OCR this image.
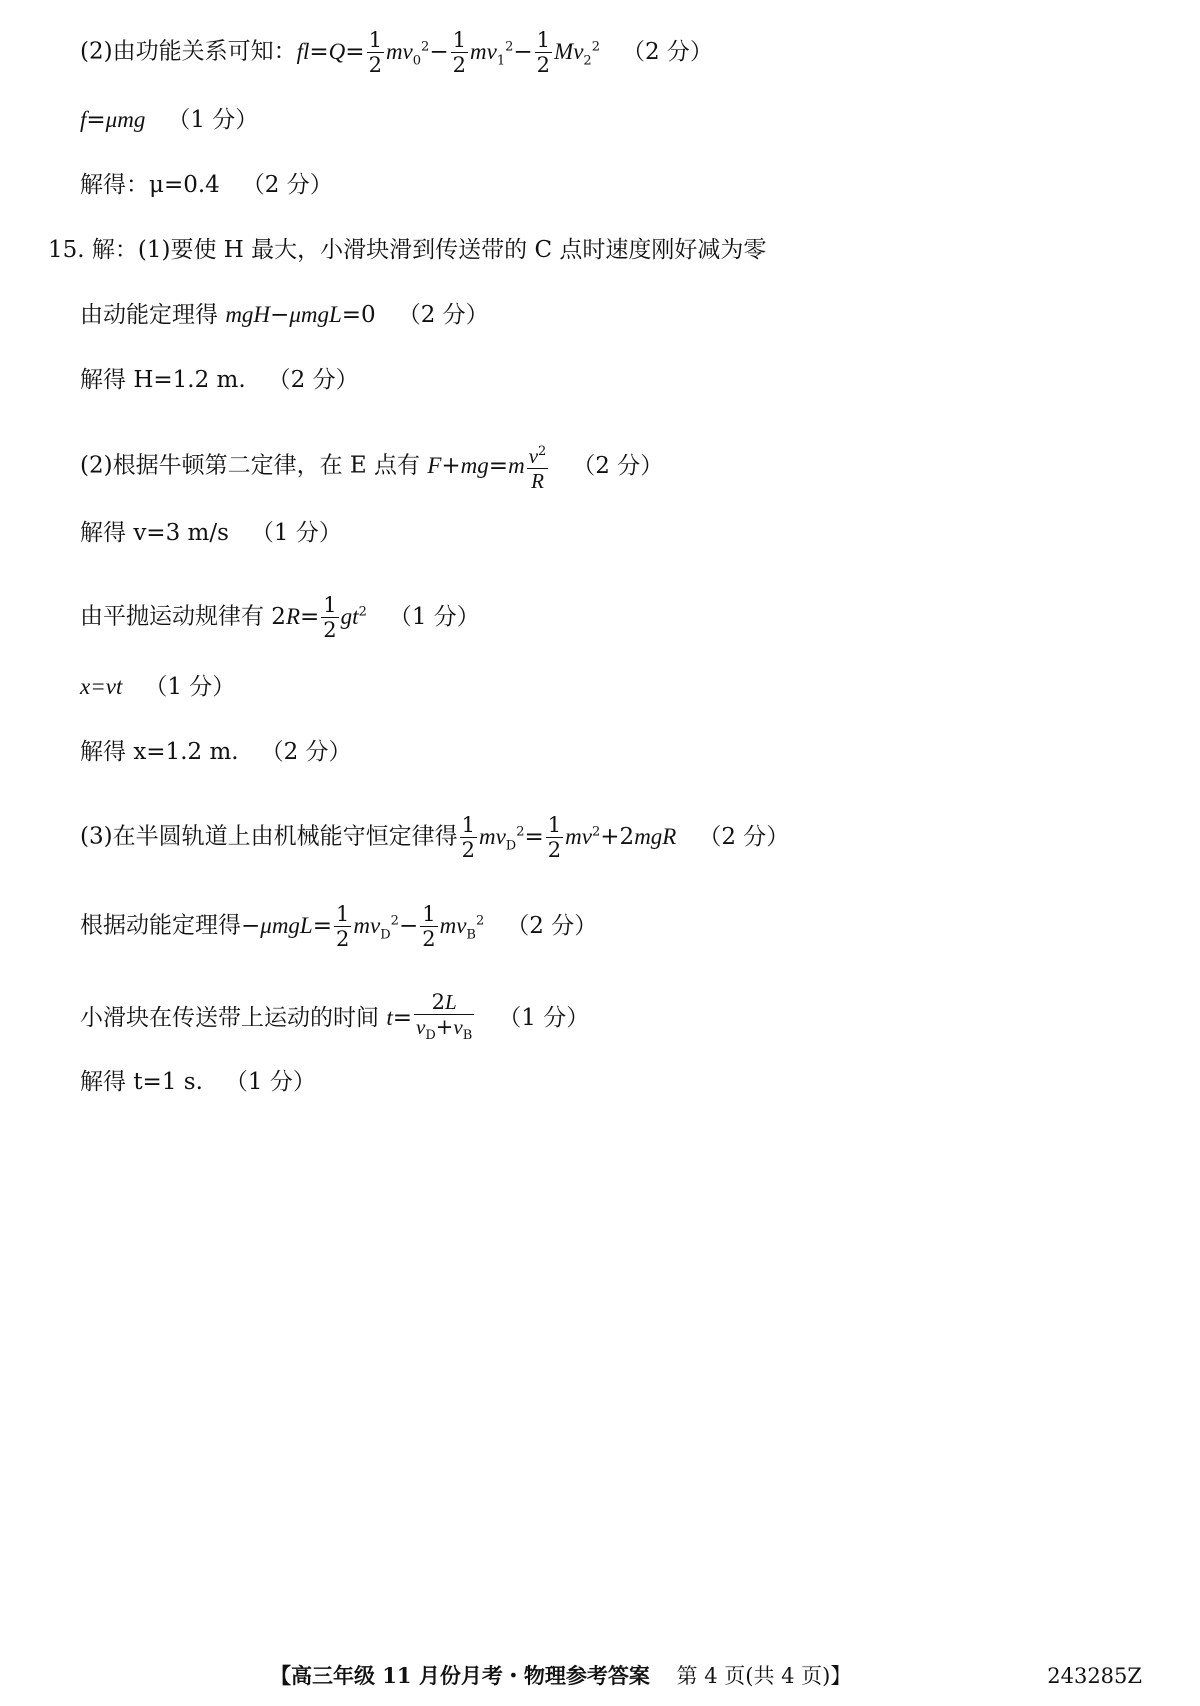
(2)由功能关系可知：$fl=Q= \frac{1}{2} mv_0^2- \frac{1}{2} mv_1^2- \frac{1}{2} Mv_2^2$ （2 分）
f=μmg （1 分）
解得：μ=0.4 （2 分）
15. 解：(1)要使 H 最大，小滑块滑到传送带的 C 点时速度刚好减为零
由动能定理得 mgH−μmgL=0 （2 分）
解得 H=1.2 m. （2 分）
(2)根据牛顿第二定律，在 E 点有 $F+mg=m \frac{v^2}{R} (2$ 分）
解得 v=3 m/s （1 分）
由平抛运动规律有 $2R= \frac{1}{2} gt^2$ （1 分）
x=vt （1 分）
解得 x=1.2 m. （2 分）
(3)在半圆轨道上由机械能守恒定律得 $\frac{1}{2} mv_D^2= \frac{1}{2} mv^2+2mgR$ （2 分）
根据动能定理得$-\mu mgL= \frac{1}{2} mv_D^2- \frac{1}{2} mv_B^2$ （2 分）
小滑块在传送带上运动的时间 $t= \frac{2L}{v_D+v_B} (1$ 分）
解得 t=1 s. （1 分）
【高三年级 11 月份月考・物理参考答案 第 4 页(共 4 页)】	243285Z
